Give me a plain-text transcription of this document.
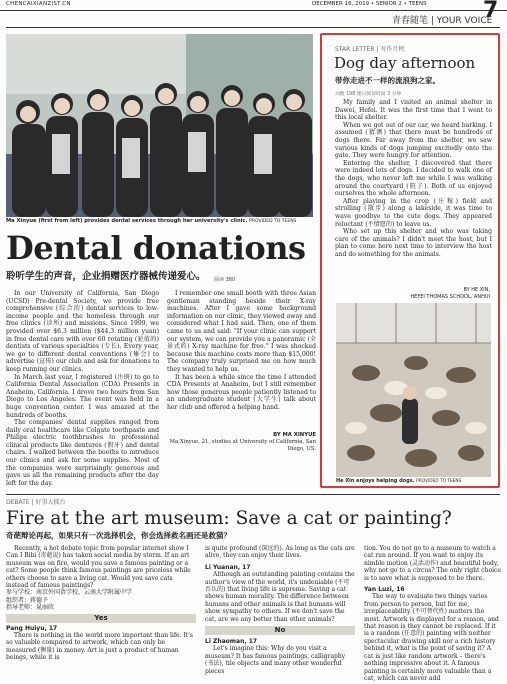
CHENCAIXIANZIST.CN	DECEMBER 16, 2019 • SENIOR 2 • TEENS	7
青春随笔 | YOUR VOICE
Ma Xinyue (first from left) provides dental services through her university's clinic. PROVIDED TO TEENS
Dental donations
聆听学生的声音，企业捐赠医疗器械传递爱心。 阅读 380

In our University of California, San Diego (UCSD) Pre-dental Society, we provide free comprehensive (综合的) dental services to low-income people and the homeless through our free clinics (诊所) and missions. Since 1999, we provided over $6.3 million ($44.3 million yuan) in free dental care with over 60 rotating (轮值的) dentists of various specialties (专长). Every year, we go to different dental conventions (集会) to advertise (宣传) our club and ask for donations to keep running our clinics.

In March last year, I registered (注册) to go to California Dental Association (CDA) Presents in Anaheim, California. I drove two hours from San Diego to Los Angeles. The event was held in a huge convention center. I was amazed at the hundreds of booths.

The companies' dental supplies ranged from daily oral healthcare like Colgate toothpaste and Philips electric toothbrushes to professional clinical products like dentures (假牙) and dental chairs. I walked between the booths to introduce our clinics and ask for some supplies. Most of the companies were surprisingly generous and gave us all the remaining products after the day left for the day.

I remember one small booth with three Asian gentleman standing beside their X-ray machines. After I gave some background information on our clinic, they viewed away and considered what I had said. Then, one of them came to us and said: "If your clinic can support our system, we can provide you a panoramic (全景式的) X-ray machine for free." I was shocked because this machine costs more than $15,000! The company truly surprised me on how much they wanted to help us.

It has been a while since the time I attended CDA Presents at Anaheim, but I still remember how those generous people patiently listened to an undergraduate student (大学生) talk about her club and offered a helping hand.

BY MA XINYUE
Ma Xinyue, 21, studies at University of California, San Diego, US.
STAR LETTER | 写作月榜
Dog day afternoon
带你走进不一样的流浪狗之家。
词数 198 建议阅读时间 3 分钟

My family and I visited an animal shelter in Dawei, Hefei. It was the first time that I went to this local shelter.

When we got out of our car, we heard barking. I assumed (猜测) that there must be hundreds of dogs there. Far away from the shelter, we saw various kinds of dogs jumping excitedly onto the gate. They were hungry for attention.

Entering the shelter, I discovered that there were indeed lots of dogs. I decided to walk one of the dogs, who never left me while I was walking around the courtyard (院子). Both of us enjoyed ourselves the whole afternoon.

After playing in the crop (庄稼) field and strolling (散步) along a lakeside, it was time to wave goodbye to the cute dogs. They appeared reluctant (不情愿的) to leave us.

Who set up this shelter and who was taking care of the animals? I didn't meet the host, but I plan to come here next time to interview the host and do something for the animals.

BY HE XIN,
HEFEI THOMAS SCHOOL, ANHUI
He Xin enjoys helping dogs. PROVIDED TO TEENS
DEBATE | 好事大擂台
Fire at the art museum: Save a cat or painting?
奇葩辩论再起，如果只有一次选择机会，你会选择救名画还是救猫？

Recently, a hot debate topic from popular internet show I Can I Bibi (奇葩说) has taken social media by storm. If an art museum was on fire, would you save a famous painting or a cat? Some people think famous paintings are priceless while others choose to save a living cat. Would you save cats instead of famous paintings?

参与学校：南京外国语学校、云南大学附属中学
组织者：蒋德予
指导老师：晁丽欣
Yes
Pang Huiyu, 17

There is nothing in the world more important than life. It's so valuable compared to artwork, which can only be measured (衡量) in money. Art is just a product of human beings, while it is

is quite profound (深远的). As long as the cats are alive, they can enjoy their lives.

Li Yuanan, 17

Although an outstanding painting contains the author's view of the world, it's undeniable (不可否认的) that living life is supreme. Saving a cat shows human morality. The difference between humans and other animals is that humans will show sympathy to others. If we don't save the cat, are we any better than other animals?

No
Li Zhaoman, 17

Let's imagine this: Why do you visit a museum? It has famous paintings, calligraphy (书法), tile objects and many other wonderful pieces

tion. You do not go to a museum to watch a cat run around. If you want to enjoy its nimble motion (灵活动作) and beautiful body, why not go to a circus? The only right choice is to save what is supposed to be there.

Yan Luzi, 16

The way to evaluate two things varies from person to person, but for me, irreplaceability (不可替代性) matters the most. Artwork is displayed for a reason, and that reason is they cannot be replaced. If it is a random (任意的) painting with neither spectacular drawing skill nor a rich history behind it, what is the point of saving it? A cat is just like random artwork – there's nothing impressive about it. A famous painting is certainly more valuable than a cat, which can never add
